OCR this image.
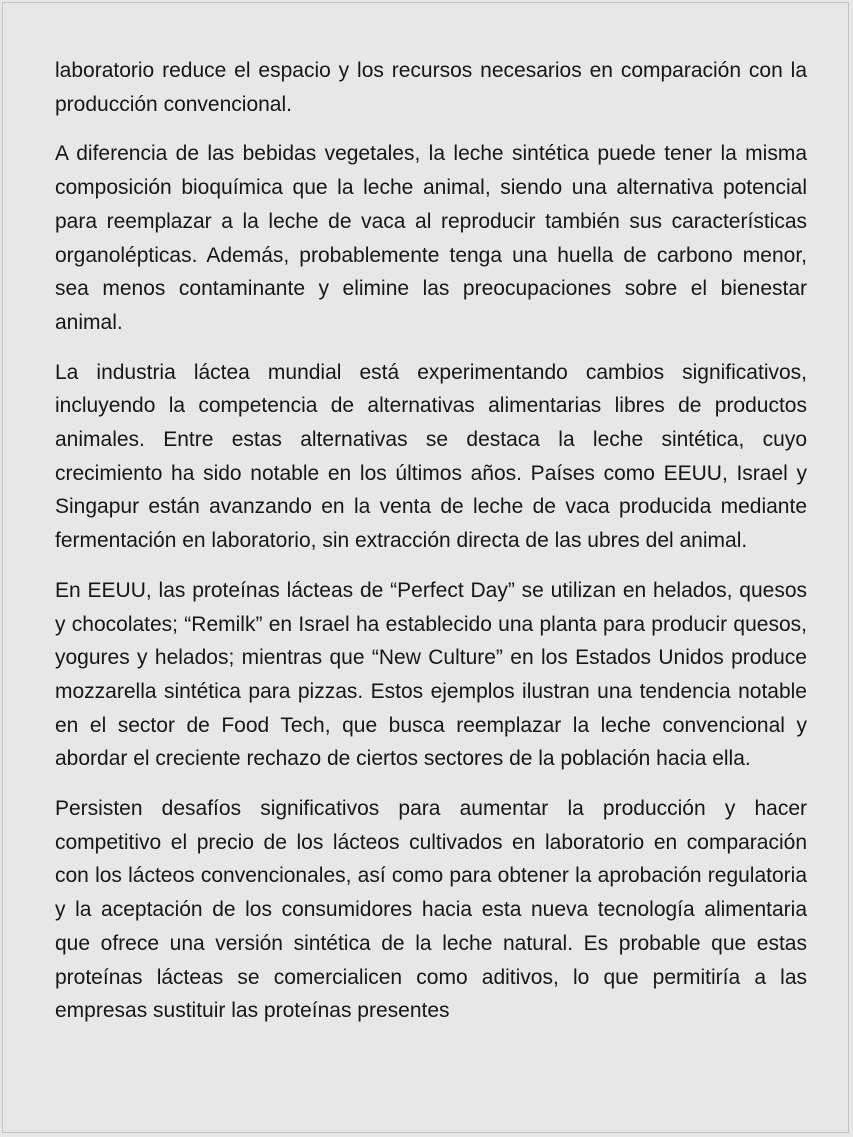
laboratorio reduce el espacio y los recursos necesarios en comparación con la producción convencional.

A diferencia de las bebidas vegetales, la leche sintética puede tener la misma composición bioquímica que la leche animal, siendo una alternativa potencial para reemplazar a la leche de vaca al reproducir también sus características organolépticas. Además, probablemente tenga una huella de carbono menor, sea menos contaminante y elimine las preocupaciones sobre el bienestar animal.

La industria láctea mundial está experimentando cambios significativos, incluyendo la competencia de alternativas alimentarias libres de productos animales. Entre estas alternativas se destaca la leche sintética, cuyo crecimiento ha sido notable en los últimos años. Países como EEUU, Israel y Singapur están avanzando en la venta de leche de vaca producida mediante fermentación en laboratorio, sin extracción directa de las ubres del animal.

En EEUU, las proteínas lácteas de “Perfect Day” se utilizan en helados, quesos y chocolates; “Remilk” en Israel ha establecido una planta para producir quesos, yogures y helados; mientras que “New Culture” en los Estados Unidos produce mozzarella sintética para pizzas. Estos ejemplos ilustran una tendencia notable en el sector de Food Tech, que busca reemplazar la leche convencional y abordar el creciente rechazo de ciertos sectores de la población hacia ella.

Persisten desafíos significativos para aumentar la producción y hacer competitivo el precio de los lácteos cultivados en laboratorio en comparación con los lácteos convencionales, así como para obtener la aprobación regulatoria y la aceptación de los consumidores hacia esta nueva tecnología alimentaria que ofrece una versión sintética de la leche natural. Es probable que estas proteínas lácteas se comercialicen como aditivos, lo que permitiría a las empresas sustituir las proteínas presentes
